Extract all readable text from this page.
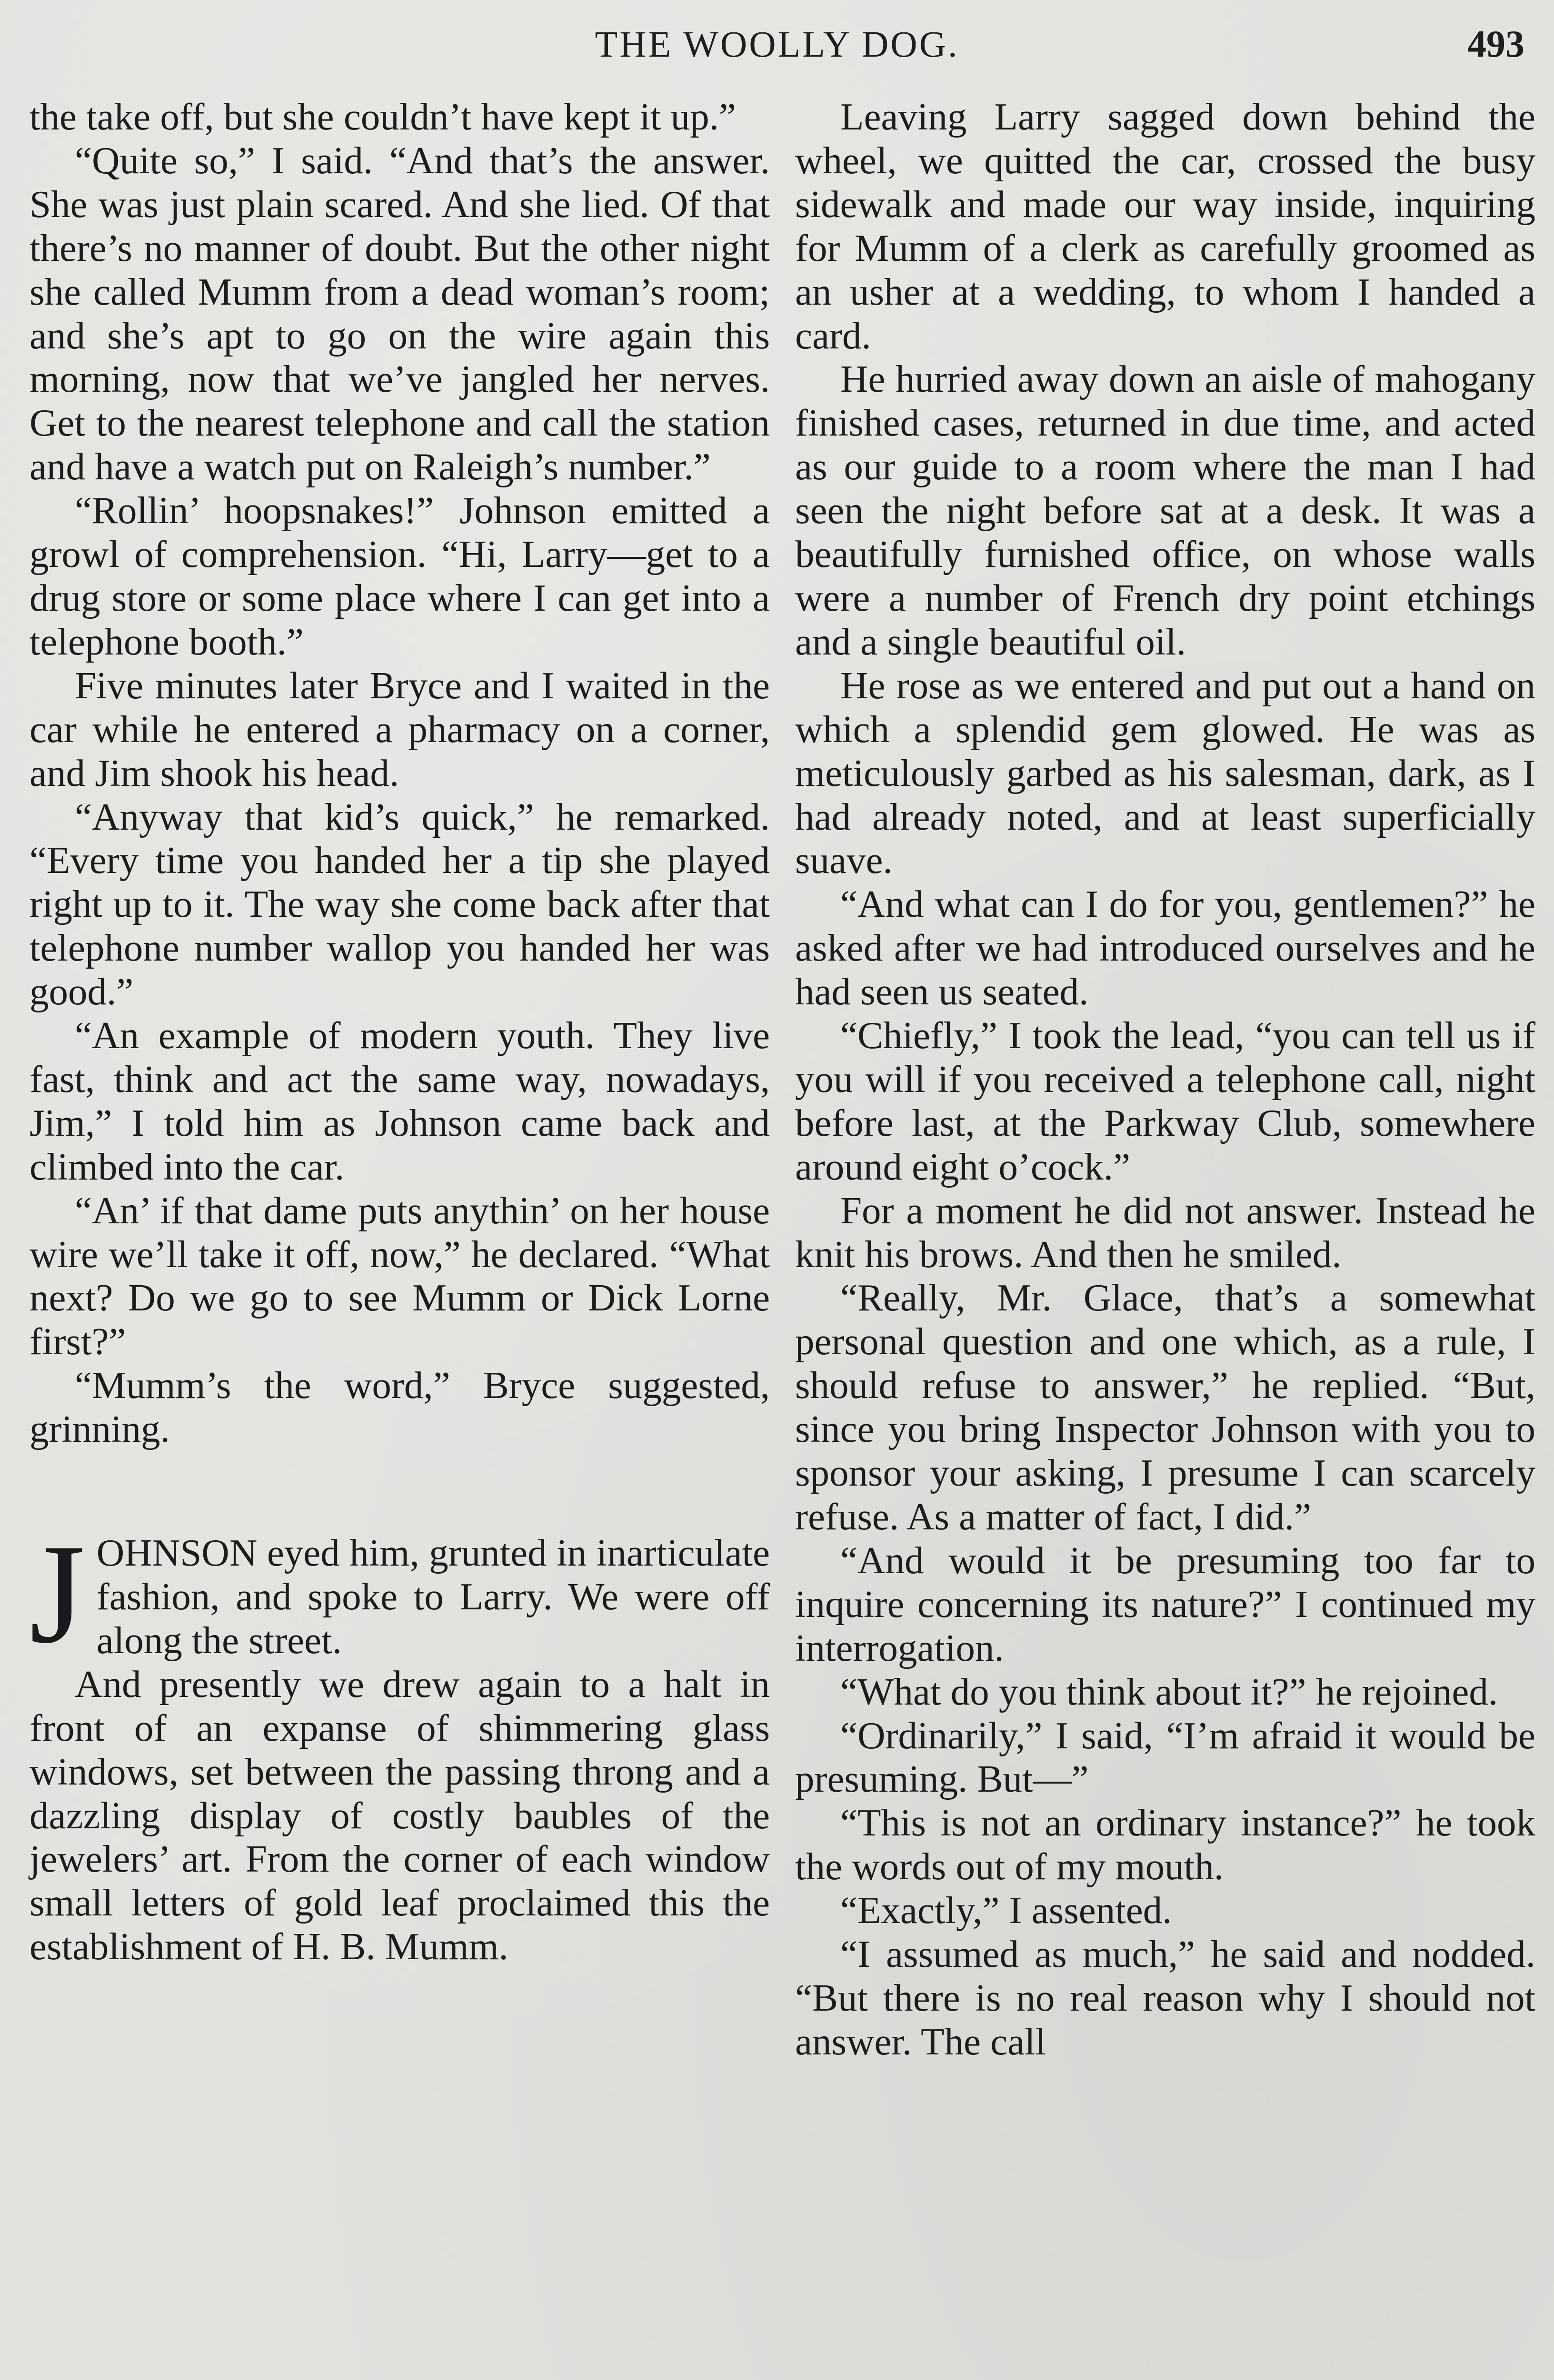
THE WOOLLY DOG.	493

the take off, but she couldn’t have kept it up.”

“Quite so,” I said. “And that’s the answer. She was just plain scared. And she lied. Of that there’s no manner of doubt. But the other night she called Mumm from a dead woman’s room; and she’s apt to go on the wire again this morning, now that we’ve jangled her nerves. Get to the nearest telephone and call the station and have a watch put on Raleigh’s number.”

“Rollin’ hoopsnakes!” Johnson emitted a growl of comprehension. “Hi, Larry—get to a drug store or some place where I can get into a telephone booth.”

Five minutes later Bryce and I waited in the car while he entered a pharmacy on a corner, and Jim shook his head.

“Anyway that kid’s quick,” he remarked. “Every time you handed her a tip she played right up to it. The way she come back after that telephone number wallop you handed her was good.”

“An example of modern youth. They live fast, think and act the same way, nowadays, Jim,” I told him as Johnson came back and climbed into the car.

“An’ if that dame puts anythin’ on her house wire we’ll take it off, now,” he declared. “What next? Do we go to see Mumm or Dick Lorne first?”

“Mumm’s the word,” Bryce suggested, grinning.

J OHNSON eyed him, grunted in inarticulate fashion, and spoke to Larry. We were off along the street.

And presently we drew again to a halt in front of an expanse of shimmering glass windows, set between the passing throng and a dazzling display of costly baubles of the jewelers’ art. From the corner of each window small letters of gold leaf proclaimed this the establishment of H. B. Mumm.

Leaving Larry sagged down behind the wheel, we quitted the car, crossed the busy sidewalk and made our way inside, inquiring for Mumm of a clerk as carefully groomed as an usher at a wedding, to whom I handed a card.

He hurried away down an aisle of mahogany finished cases, returned in due time, and acted as our guide to a room where the man I had seen the night before sat at a desk. It was a beautifully furnished office, on whose walls were a number of French dry point etchings and a single beautiful oil.

He rose as we entered and put out a hand on which a splendid gem glowed. He was as meticulously garbed as his salesman, dark, as I had already noted, and at least superficially suave.

“And what can I do for you, gentlemen?” he asked after we had introduced ourselves and he had seen us seated.

“Chiefly,” I took the lead, “you can tell us if you will if you received a telephone call, night before last, at the Parkway Club, somewhere around eight o’cock.”

For a moment he did not answer. Instead he knit his brows. And then he smiled.

“Really, Mr. Glace, that’s a somewhat personal question and one which, as a rule, I should refuse to answer,” he replied. “But, since you bring Inspector Johnson with you to sponsor your asking, I presume I can scarcely refuse. As a matter of fact, I did.”

“And would it be presuming too far to inquire concerning its nature?” I continued my interrogation.

“What do you think about it?” he rejoined.

“Ordinarily,” I said, “I’m afraid it would be presuming. But—”

“This is not an ordinary instance?” he took the words out of my mouth.

“Exactly,” I assented.

“I assumed as much,” he said and nodded. “But there is no real reason why I should not answer. The call
